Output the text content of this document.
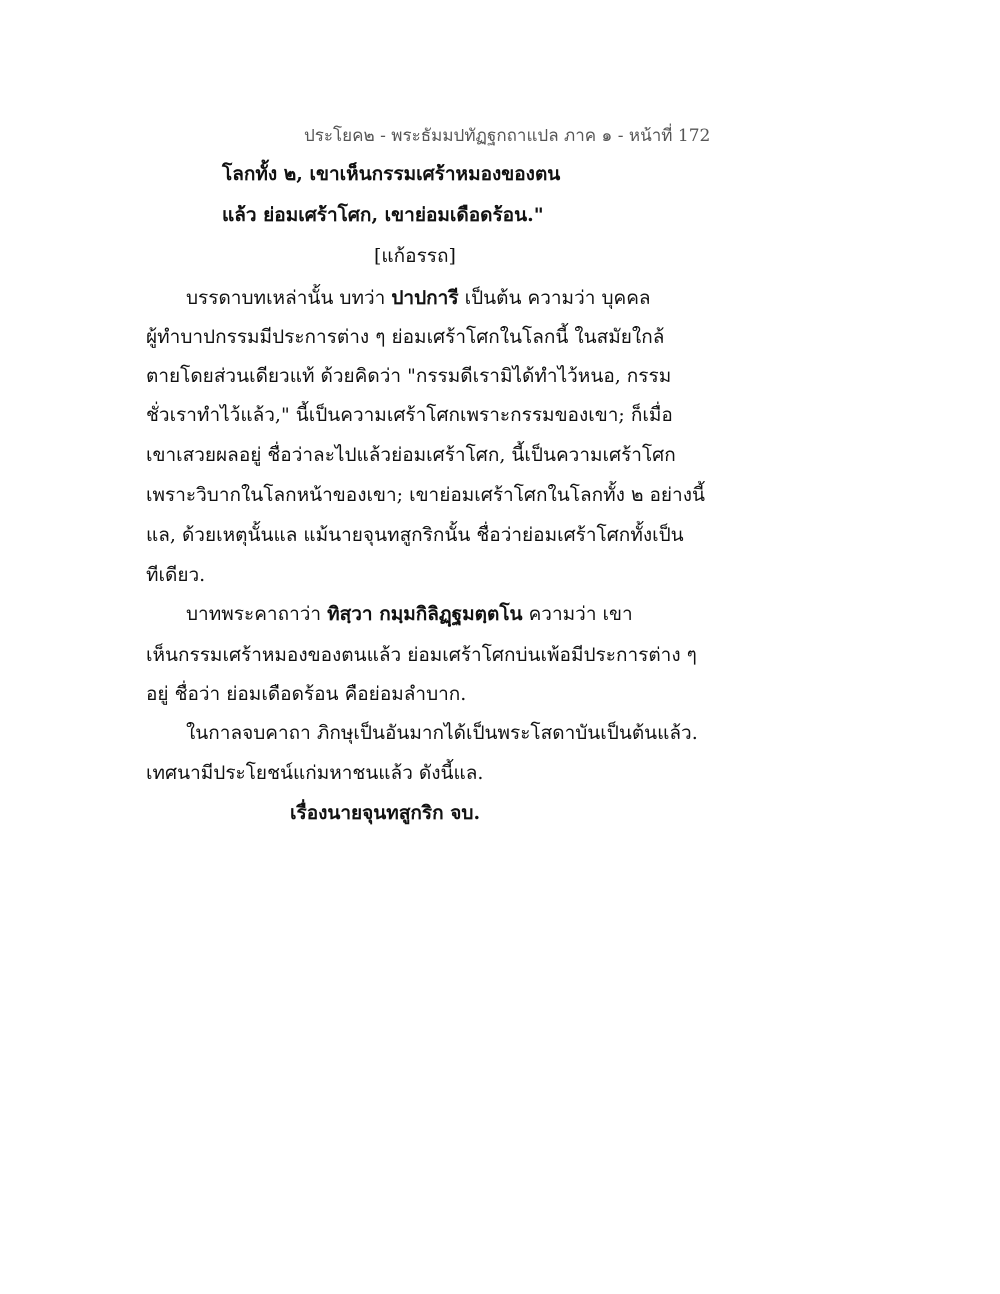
ประโยค๒ - พระธัมมปทัฏฐกถาแปล ภาค ๑ - หน้าที่ 172
โลกทั้ง ๒, เขาเห็นกรรมเศร้าหมองของตน
แล้ว ย่อมเศร้าโศก, เขาย่อมเดือดร้อน."
[แก้อรรถ]
บรรดาบทเหล่านั้น บทว่า ปาปการี เป็นต้น ความว่า บุคคล
ผู้ทำบาปกรรมมีประการต่าง ๆ ย่อมเศร้าโศกในโลกนี้ ในสมัยใกล้
ตายโดยส่วนเดียวแท้ ด้วยคิดว่า "กรรมดีเรามิได้ทำไว้หนอ, กรรม
ชั่วเราทำไว้แล้ว," นี้เป็นความเศร้าโศกเพราะกรรมของเขา; ก็เมื่อ
เขาเสวยผลอยู่ ชื่อว่าละไปแล้วย่อมเศร้าโศก, นี้เป็นความเศร้าโศก
เพราะวิบากในโลกหน้าของเขา; เขาย่อมเศร้าโศกในโลกทั้ง ๒ อย่างนี้
แล, ด้วยเหตุนั้นแล แม้นายจุนทสูกริกนั้น ชื่อว่าย่อมเศร้าโศกทั้งเป็น
ทีเดียว.
บาทพระคาถาว่า ทิสฺวา กมฺมกิลิฏฺฐมตฺตโน ความว่า เขา
เห็นกรรมเศร้าหมองของตนแล้ว ย่อมเศร้าโศกบ่นเพ้อมีประการต่าง ๆ
อยู่ ชื่อว่า ย่อมเดือดร้อน คือย่อมลำบาก.
ในกาลจบคาถา ภิกษุเป็นอันมากได้เป็นพระโสดาบันเป็นต้นแล้ว.
เทศนามีประโยชน์แก่มหาชนแล้ว ดังนี้แล.
เรื่องนายจุนทสูกริก จบ.
